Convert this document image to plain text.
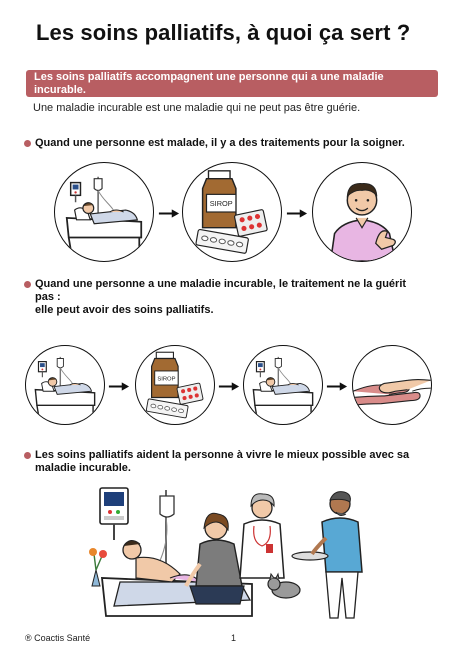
Les soins palliatifs, à quoi ça sert ?
Les soins palliatifs accompagnent une personne qui a une maladie incurable.
Une maladie incurable est une maladie qui ne peut pas être guérie.
Quand une personne est malade, il y a des traitements pour la soigner.
Quand une personne a une maladie incurable, le traitement ne la guérit pas :
elle peut avoir des soins palliatifs.
Les soins palliatifs aident la personne à vivre le mieux possible avec sa maladie incurable.
® Coactis Santé	1
